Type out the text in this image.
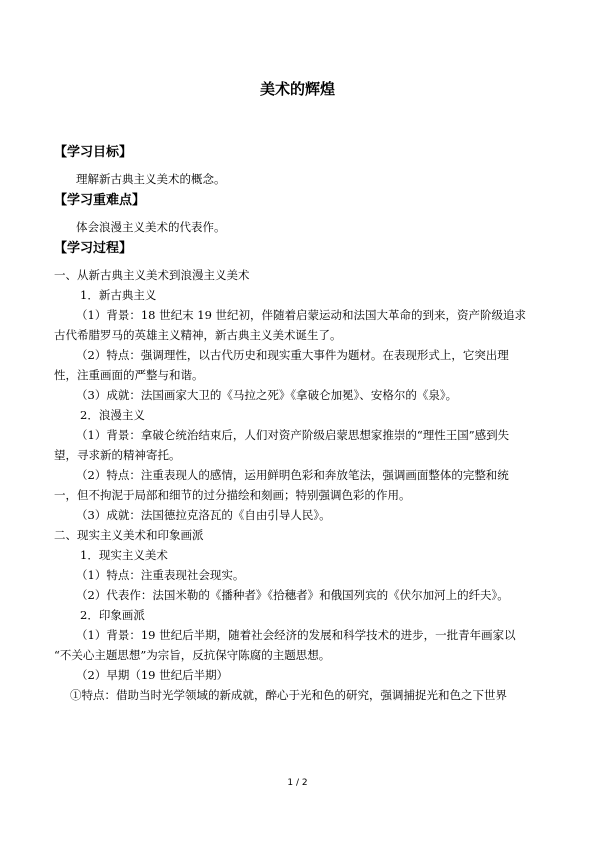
美术的辉煌
【学习目标】

理解新古典主义美术的概念。

【学习重难点】

体会浪漫主义美术的代表作。

【学习过程】

一、从新古典主义美术到浪漫主义美术

1．新古典主义

（1）背景：18 世纪末 19 世纪初，伴随着启蒙运动和法国大革命的到来，资产阶级追求

古代希腊罗马的英雄主义精神，新古典主义美术诞生了。

（2）特点：强调理性，以古代历史和现实重大事件为题材。在表现形式上，它突出理

性，注重画面的严整与和谐。

（3）成就：法国画家大卫的《马拉之死》《拿破仑加冕》、安格尔的《泉》。

2．浪漫主义

（1）背景：拿破仑统治结束后，人们对资产阶级启蒙思想家推崇的“理性王国”感到失

望，寻求新的精神寄托。

（2）特点：注重表现人的感情，运用鲜明色彩和奔放笔法，强调画面整体的完整和统

一，但不拘泥于局部和细节的过分描绘和刻画；特别强调色彩的作用。

（3）成就：法国德拉克洛瓦的《自由引导人民》。

二、现实主义美术和印象画派

1．现实主义美术

（1）特点：注重表现社会现实。

（2）代表作：法国米勒的《播种者》《拾穗者》和俄国列宾的《伏尔加河上的纤夫》。

2．印象画派

（1）背景：19 世纪后半期，随着社会经济的发展和科学技术的进步，一批青年画家以

“不关心主题思想”为宗旨，反抗保守陈腐的主题思想。

（2）早期（19 世纪后半期）

①特点：借助当时光学领域的新成就，醉心于光和色的研究，强调捕捉光和色之下世界

1 / 2
